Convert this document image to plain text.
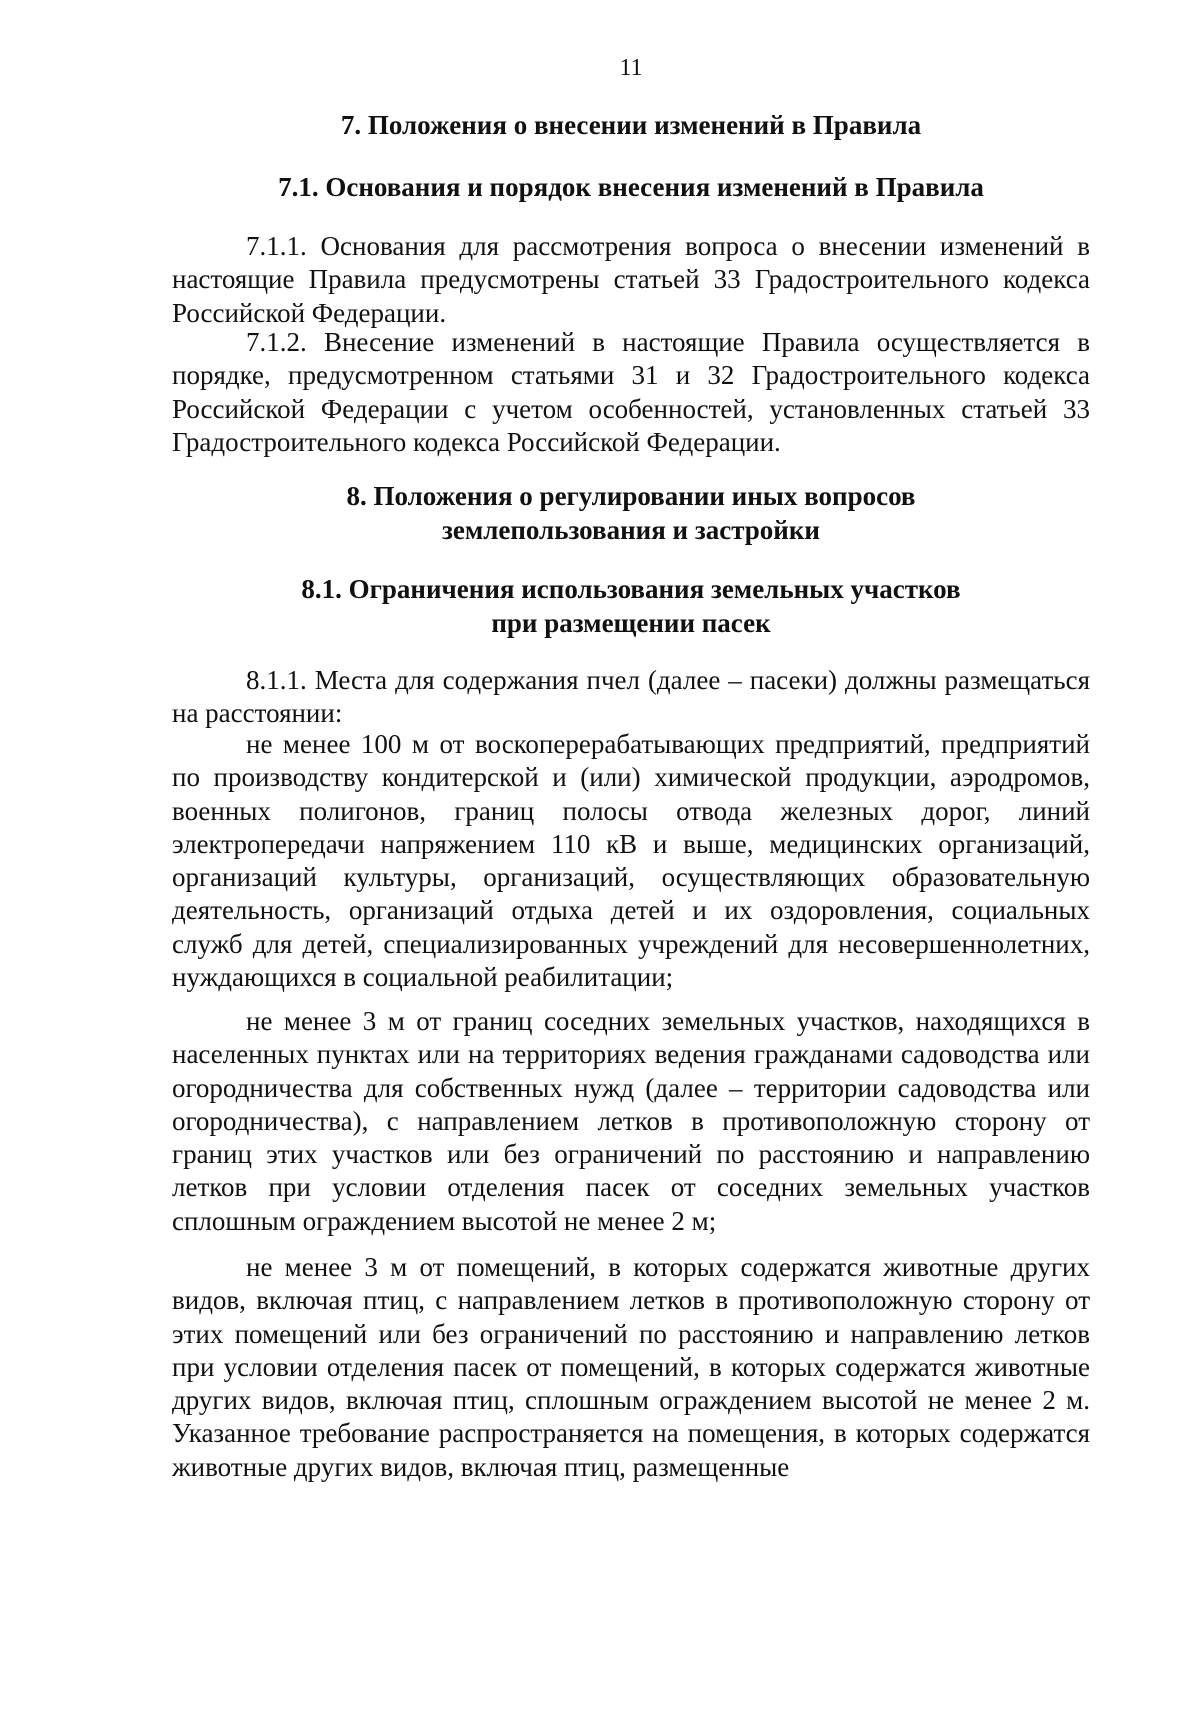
11
7. Положения о внесении изменений в Правила
7.1. Основания и порядок внесения изменений в Правила

7.1.1. Основания для рассмотрения вопроса о внесении изменений в настоящие Правила предусмотрены статьей 33 Градостроительного кодекса Российской Федерации.

7.1.2. Внесение изменений в настоящие Правила осуществляется в порядке, предусмотренном статьями 31 и 32 Градостроительного кодекса Российской Федерации с учетом особенностей, установленных статьей 33 Градостроительного кодекса Российской Федерации.

8. Положения о регулировании иных вопросов
землепользования и застройки
8.1. Ограничения использования земельных участков
при размещении пасек

8.1.1. Места для содержания пчел (далее – пасеки) должны размещаться на расстоянии:

не менее 100 м от воскоперерабатывающих предприятий, предприятий по производству кондитерской и (или) химической продукции, аэродромов, военных полигонов, границ полосы отвода железных дорог, линий электропередачи напряжением 110 кВ и выше, медицинских организаций, организаций культуры, организаций, осуществляющих образовательную деятельность, организаций отдыха детей и их оздоровления, социальных служб для детей, специализированных учреждений для несовершеннолетних, нуждающихся в социальной реабилитации;

не менее 3 м от границ соседних земельных участков, находящихся в населенных пунктах или на территориях ведения гражданами садоводства или огородничества для собственных нужд (далее – территории садоводства или огородничества), с направлением летков в противоположную сторону от границ этих участков или без ограничений по расстоянию и направлению летков при условии отделения пасек от соседних земельных участков сплошным ограждением высотой не менее 2 м;

не менее 3 м от помещений, в которых содержатся животные других видов, включая птиц, с направлением летков в противоположную сторону от этих помещений или без ограничений по расстоянию и направлению летков при условии отделения пасек от помещений, в которых содержатся животные других видов, включая птиц, сплошным ограждением высотой не менее 2 м. Указанное требование распространяется на помещения, в которых содержатся животные других видов, включая птиц, размещенные
